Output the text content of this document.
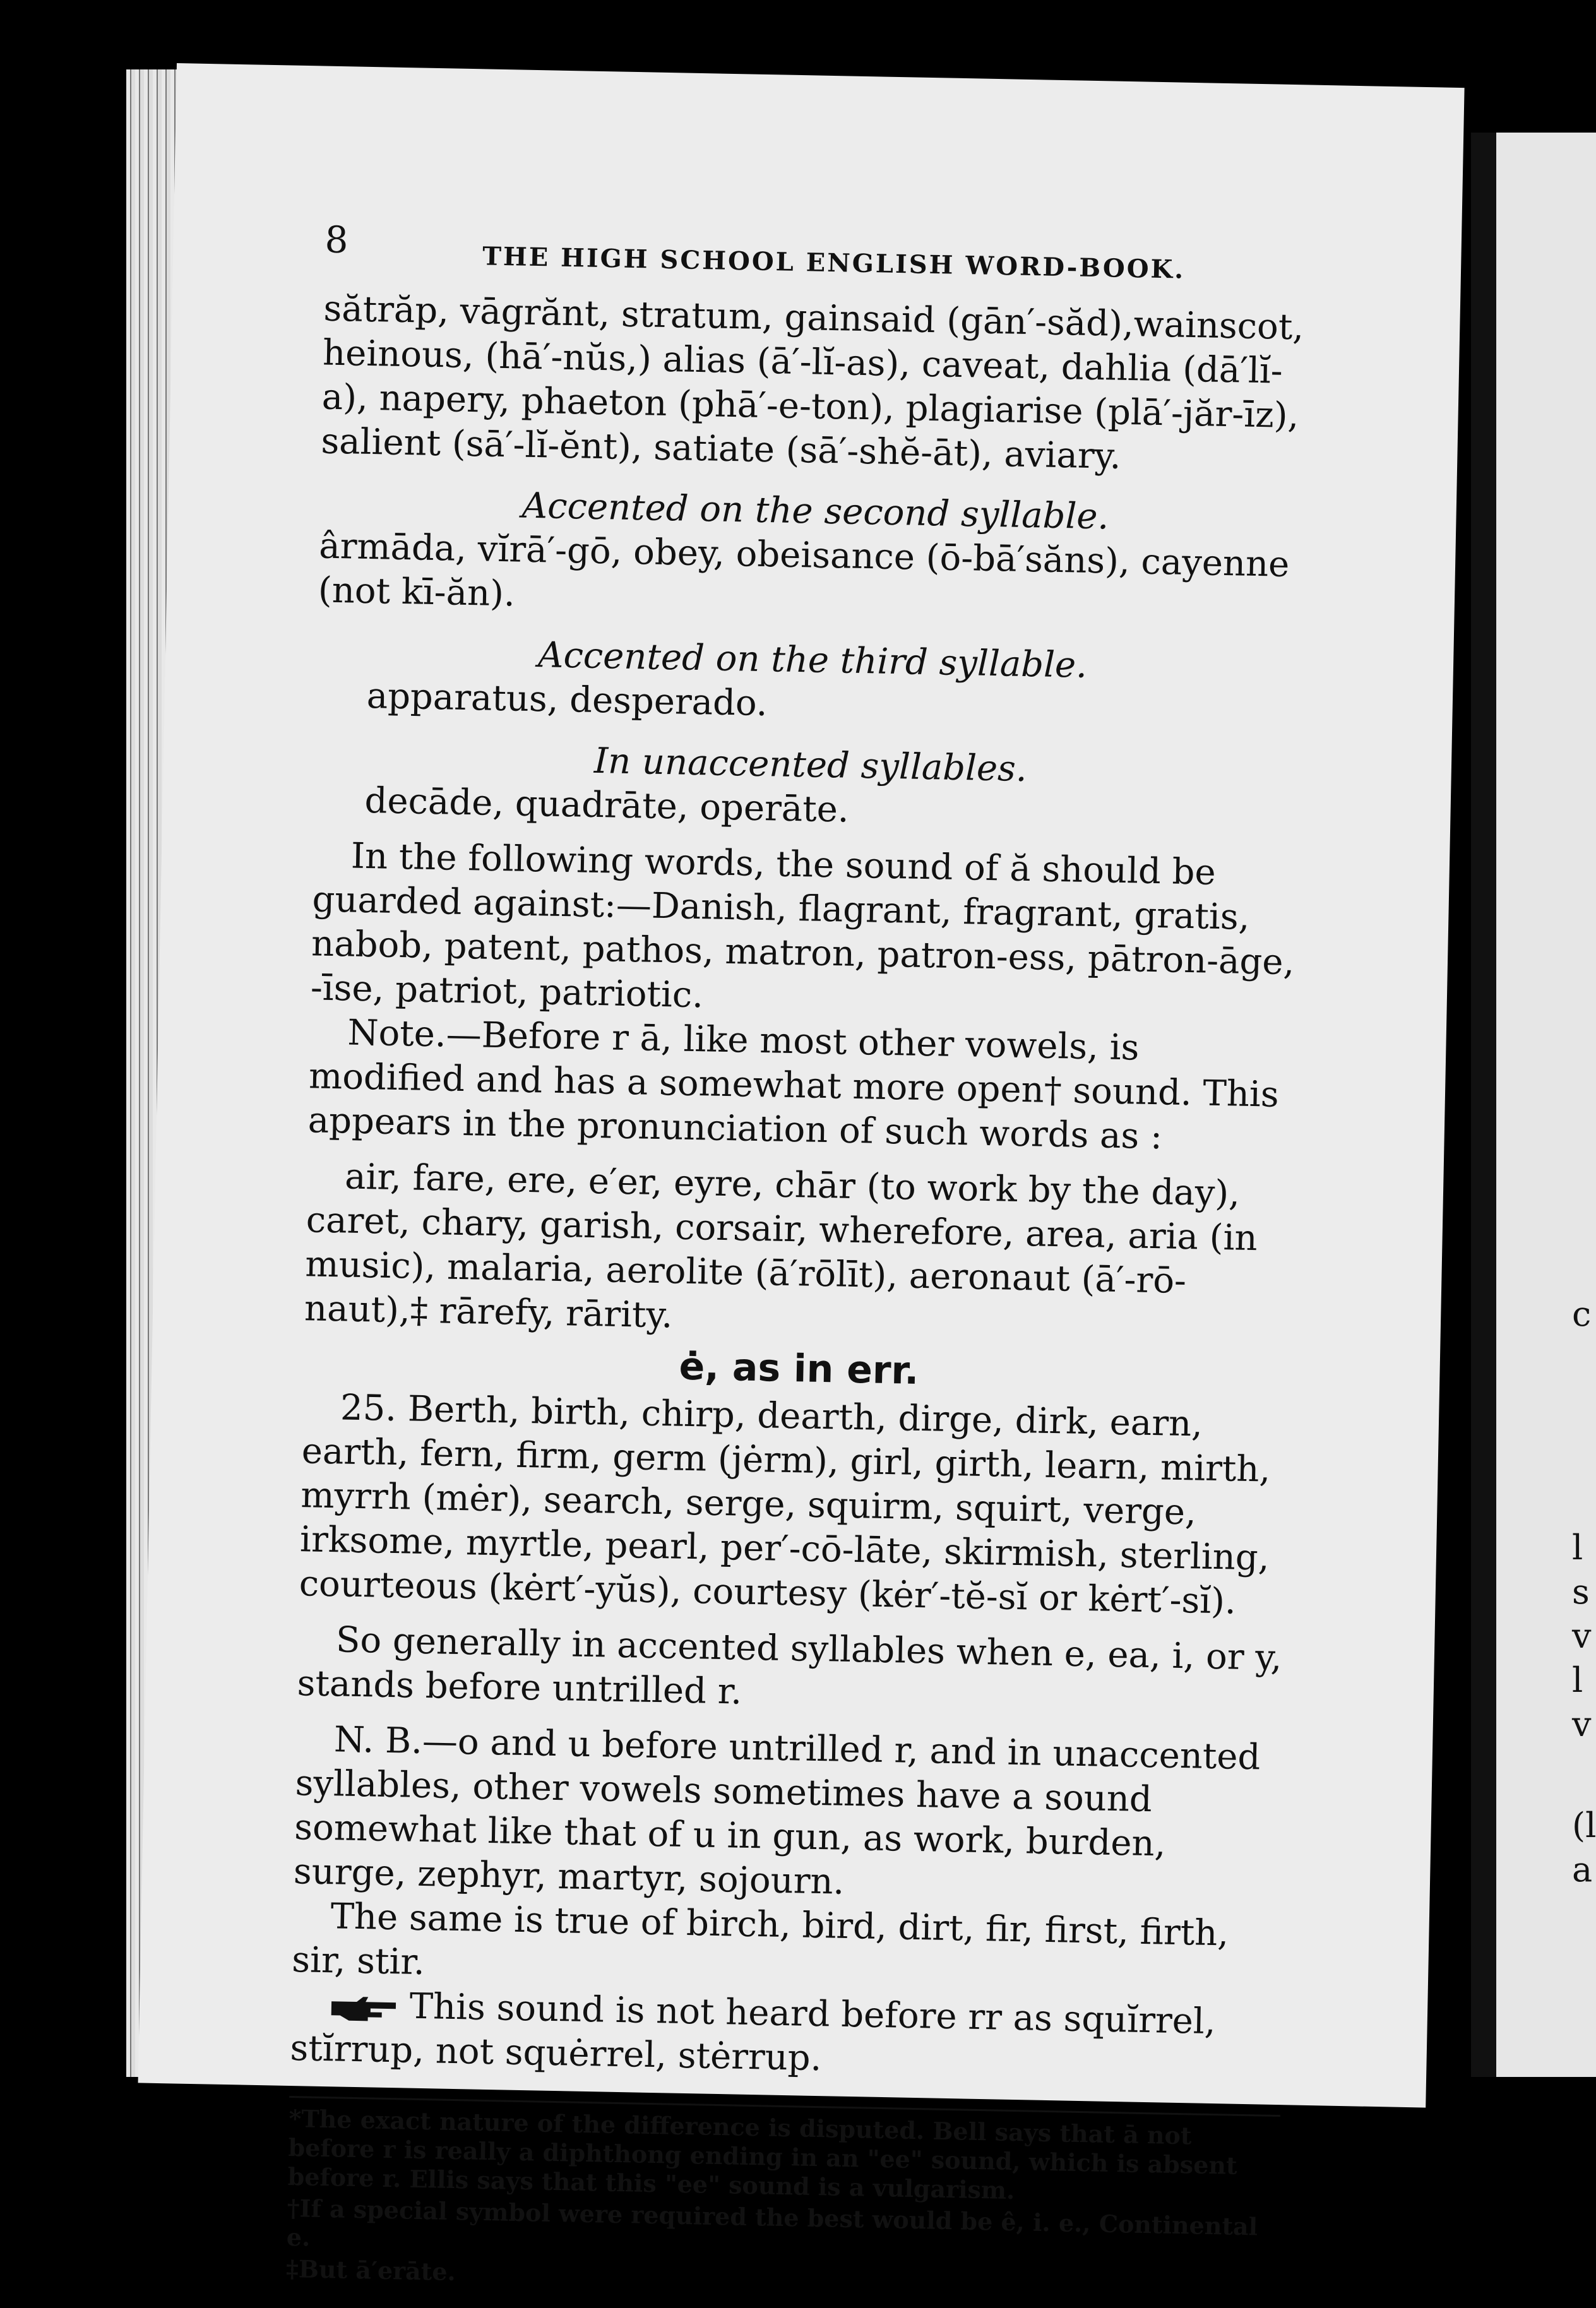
c
l
s
v
l
v
(l
a
8
THE HIGH SCHOOL ENGLISH WORD-BOOK.

sătrăp, vāgrănt, stratum, gainsaid (gān′-săd),wainscot, heinous, (hā′-nŭs,) alias (ā′-lĭ-as), caveat, dahlia (dā′lĭ-a), napery, phaeton (phā′-e-ton), plagiarise (plā′-jăr-īz), salient (sā′-lĭ-ĕnt), satiate (sā′-shĕ-āt), aviary.

Accented on the second syllable.

ârmāda, vĭrā′-gō, obey, obeisance (ō-bā′săns), cayenne (not kī-ăn).

Accented on the third syllable.

apparatus, desperado.

In unaccented syllables.

decāde, quadrāte, operāte.

In the following words, the sound of ă should be guarded against:—Danish, flagrant, fragrant, gratis, nabob, patent, pathos, matron, patron-ess, pātron-āge, -īse, patriot, patriotic.

Note.—Before r ā, like most other vowels, is modified and has a somewhat more open† sound. This appears in the pronunciation of such words as :

air, fare, ere, e′er, eyre, chār (to work by the day), caret, chary, garish, corsair, wherefore, area, aria (in music), malaria, aerolite (ā′rōlīt), aeronaut (ā′-rō-naut),‡ rārefy, rārity.

ė, as in err.

25. Berth, birth, chirp, dearth, dirge, dirk, earn, earth, fern, firm, germ (jėrm), girl, girth, learn, mirth, myrrh (mėr), search, serge, squirm, squirt, verge, irksome, myrtle, pearl, per′-cō-lāte, skirmish, sterling, courteous (kėrt′-yŭs), courtesy (kėr′-tĕ-sĭ or kėrt′-sĭ).

So generally in accented syllables when e, ea, i, or y, stands before untrilled r.

N. B.—o and u before untrilled r, and in unaccented syllables, other vowels sometimes have a sound somewhat like that of u in gun, as work, burden, surge, zephyr, martyr, sojourn.

The same is true of birch, bird, dirt, fir, first, firth, sir, stir.

This sound is not heard before rr as squĭrrel, stĭrrup, not squėrrel, stėrrup.

*The exact nature of the difference is disputed. Bell says that ā not before r is really a diphthong ending in an "ee" sound, which is absent before r. Ellis says that this "ee" sound is a vulgarism.

†If a special symbol were required the best would be ê, i. e., Continental e.

‡But ā′erāte.
